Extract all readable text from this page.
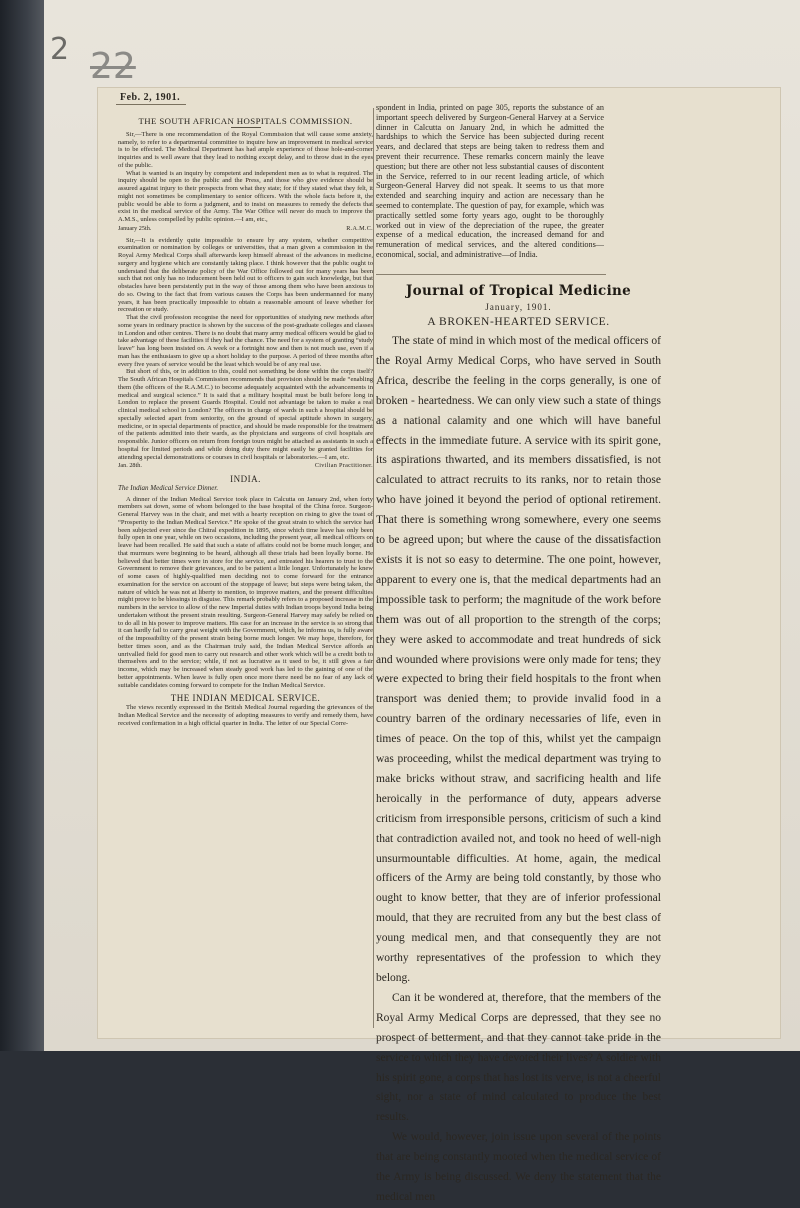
2 22
Feb. 2, 1901.
THE SOUTH AFRICAN HOSPITALS COMMISSION.

Sir,—There is one recommendation of the Royal Commission that will cause some anxiety, namely, to refer to a departmental committee to inquire how an improvement in medical service is to be effected. The Medical Department has had ample experience of those hole-and-corner inquiries and is well aware that they lead to nothing except delay, and to throw dust in the eyes of the public.

What is wanted is an inquiry by competent and independent men as to what is required. The inquiry should be open to the public and the Press, and those who give evidence should be assured against injury to their prospects from what they state; for if they stated what they felt, it might not sometimes be complimentary to senior officers. With the whole facts before it, the public would be able to form a judgment, and to insist on measures to remedy the defects that exist in the medical service of the Army. The War Office will never do much to improve the A.M.S., unless compelled by public opinion.—I am, etc.,

January 25th.	R.A.M.C.

Sir,—It is evidently quite impossible to ensure by any system, whether competitive examination or nomination by colleges or universities, that a man given a commission in the Royal Army Medical Corps shall afterwards keep himself abreast of the advances in medicine, surgery and hygiene which are constantly taking place. I think however that the public ought to understand that the deliberate policy of the War Office followed out for many years has been such that not only has no inducement been held out to officers to gain such knowledge, but that obstacles have been persistently put in the way of those among them who have been anxious to do so. Owing to the fact that from various causes the Corps has been undermanned for many years, it has been practically impossible to obtain a reasonable amount of leave whether for recreation or study.

That the civil profession recognise the need for opportunities of studying new methods after some years in ordinary practice is shown by the success of the post-graduate colleges and classes in London and other centres. There is no doubt that many army medical officers would be glad to take advantage of these facilities if they had the chance. The need for a system of granting “study leave” has long been insisted on. A week or a fortnight now and then is not much use, even if a man has the enthusiasm to give up a short holiday to the purpose. A period of three months after every five years of service would be the least which would be of any real use.

But short of this, or in addition to this, could not something be done within the corps itself? The South African Hospitals Commission recommends that provision should be made “enabling them (the officers of the R.A.M.C.) to become adequately acquainted with the advancements in medical and surgical science.” It is said that a military hospital must be built before long in London to replace the present Guards Hospital. Could not advantage be taken to make a real clinical medical school in London? The officers in charge of wards in such a hospital should be specially selected apart from seniority, on the ground of special aptitude shown in surgery, medicine, or in special departments of practice, and should be made responsible for the treatment of the patients admitted into their wards, as the physicians and surgeons of civil hospitals are responsible. Junior officers on return from foreign tours might be attached as assistants in such a hospital for limited periods and while doing duty there might easily be granted facilities for attending special demonstrations or courses in civil hospitals or laboratories.—I am, etc.

Jan. 28th.	Civilian Practitioner.
INDIA.
The Indian Medical Service Dinner.

A dinner of the Indian Medical Service took place in Calcutta on January 2nd, when forty members sat down, some of whom belonged to the base hospital of the China force. Surgeon-General Harvey was in the chair, and met with a hearty reception on rising to give the toast of “Prosperity to the Indian Medical Service.” He spoke of the great strain to which the service had been subjected ever since the Chitral expedition in 1895, since which time leave has only been fully open in one year, while on two occasions, including the present year, all medical officers on leave had been recalled. He said that such a state of affairs could not be borne much longer, and that murmurs were beginning to be heard, although all these trials had been loyally borne. He believed that better times were in store for the service, and entreated his hearers to trust to the Government to remove their grievances, and to be patient a little longer. Unfortunately he knew of some cases of highly-qualified men deciding not to come forward for the entrance examination for the service on account of the stoppage of leave; but steps were being taken, the nature of which he was not at liberty to mention, to improve matters, and the present difficulties might prove to be blessings in disguise. This remark probably refers to a proposed increase in the numbers in the service to allow of the new Imperial duties with Indian troops beyond India being undertaken without the present strain resulting. Surgeon-General Harvey may safely be relied on to do all in his power to improve matters. His case for an increase in the service is so strong that it can hardly fail to carry great weight with the Government, which, he informs us, is fully aware of the impossibility of the present strain being borne much longer. We may hope, therefore, for better times soon, and as the Chairman truly said, the Indian Medical Service affords an unrivalled field for good men to carry out research and other work which will be a credit both to themselves and to the service; while, if not as lucrative as it used to be, it still gives a fair income, which may be increased when steady good work has led to the gaining of one of the better appointments. When leave is fully open once more there need be no fear of any lack of suitable candidates coming forward to compete for the Indian Medical Service.

THE INDIAN MEDICAL SERVICE.

The views recently expressed in the British Medical Journal regarding the grievances of the Indian Medical Service and the necessity of adopting measures to verify and remedy them, have received confirmation in a high official quarter in India. The letter of our Special Corre-

spondent in India, printed on page 305, reports the substance of an important speech delivered by Surgeon-General Harvey at a Service dinner in Calcutta on January 2nd, in which he admitted the hardships to which the Service has been subjected during recent years, and declared that steps are being taken to redress them and prevent their recurrence. These remarks concern mainly the leave question; but there are other not less substantial causes of discontent in the Service, referred to in our recent leading article, of which Surgeon-General Harvey did not speak. It seems to us that more extended and searching inquiry and action are necessary than he seemed to contemplate. The question of pay, for example, which was practically settled some forty years ago, ought to be thoroughly worked out in view of the depreciation of the rupee, the greater expense of a medical education, the increased demand for and remuneration of medical services, and the altered conditions—economical, social, and administrative—of India.

Journal of Tropical Medicine
January, 1901.
A BROKEN-HEARTED SERVICE.

The state of mind in which most of the medical officers of the Royal Army Medical Corps, who have served in South Africa, describe the feeling in the corps generally, is one of broken - heartedness. We can only view such a state of things as a national calamity and one which will have baneful effects in the immediate future. A service with its spirit gone, its aspirations thwarted, and its members dissatisfied, is not calculated to attract recruits to its ranks, nor to retain those who have joined it beyond the period of optional retirement. That there is something wrong somewhere, every one seems to be agreed upon; but where the cause of the dissatisfaction exists it is not so easy to determine. The one point, however, apparent to every one is, that the medical departments had an impossible task to perform; the magnitude of the work before them was out of all proportion to the strength of the corps; they were asked to accommodate and treat hundreds of sick and wounded where provisions were only made for tens; they were expected to bring their field hospitals to the front when transport was denied them; to provide invalid food in a country barren of the ordinary necessaries of life, even in times of peace. On the top of this, whilst yet the campaign was proceeding, whilst the medical department was trying to make bricks without straw, and sacrificing health and life heroically in the performance of duty, appears adverse criticism from irresponsible persons, criticism of such a kind that contradiction availed not, and took no heed of well-nigh unsurmountable difficulties. At home, again, the medical officers of the Army are being told constantly, by those who ought to know better, that they are of inferior professional mould, that they are recruited from any but the best class of young medical men, and that consequently they are not worthy representatives of the profession to which they belong.

Can it be wondered at, therefore, that the members of the Royal Army Medical Corps are depressed, that they see no prospect of betterment, and that they cannot take pride in the service to which they have devoted their lives? A soldier with his spirit gone, a corps that has lost its verve, is not a cheerful sight, nor a state of mind calculated to produce the best results.

We would, however, join issue upon several of the points that are being constantly mooted when the medical service of the Army is being discussed. We deny the statement that the medical men
